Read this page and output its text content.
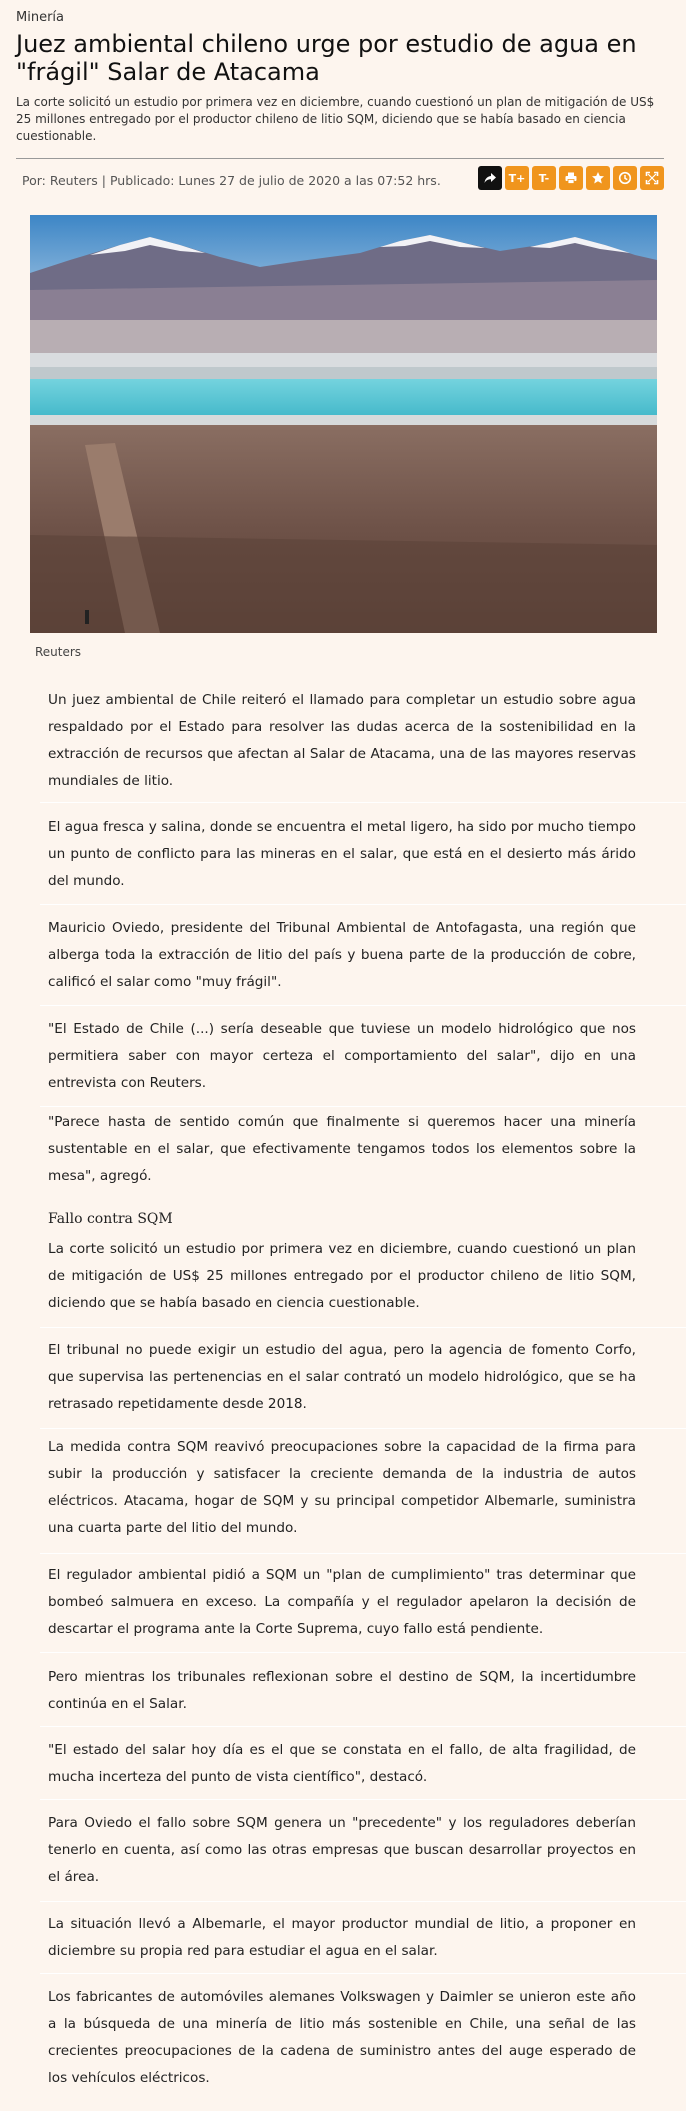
Minería
Juez ambiental chileno urge por estudio de agua en "frágil" Salar de Atacama

La corte solicitó un estudio por primera vez en diciembre, cuando cuestionó un plan de mitigación de US$ 25 millones entregado por el productor chileno de litio SQM, diciendo que se había basado en ciencia cuestionable.

Por: Reuters | Publicado: Lunes 27 de julio de 2020 a las 07:52 hrs.	T+ T-
Reuters

Un juez ambiental de Chile reiteró el llamado para completar un estudio sobre agua respaldado por el Estado para resolver las dudas acerca de la sostenibilidad en la extracción de recursos que afectan al Salar de Atacama, una de las mayores reservas mundiales de litio.

El agua fresca y salina, donde se encuentra el metal ligero, ha sido por mucho tiempo un punto de conflicto para las mineras en el salar, que está en el desierto más árido del mundo.

Mauricio Oviedo, presidente del Tribunal Ambiental de Antofagasta, una región que alberga toda la extracción de litio del país y buena parte de la producción de cobre, calificó el salar como "muy frágil".

"El Estado de Chile (...) sería deseable que tuviese un modelo hidrológico que nos permitiera saber con mayor certeza el comportamiento del salar", dijo en una entrevista con Reuters.

"Parece hasta de sentido común que finalmente si queremos hacer una minería sustentable en el salar, que efectivamente tengamos todos los elementos sobre la mesa", agregó.

Fallo contra SQM

La corte solicitó un estudio por primera vez en diciembre, cuando cuestionó un plan de mitigación de US$ 25 millones entregado por el productor chileno de litio SQM, diciendo que se había basado en ciencia cuestionable.

El tribunal no puede exigir un estudio del agua, pero la agencia de fomento Corfo, que supervisa las pertenencias en el salar contrató un modelo hidrológico, que se ha retrasado repetidamente desde 2018.

La medida contra SQM reavivó preocupaciones sobre la capacidad de la firma para subir la producción y satisfacer la creciente demanda de la industria de autos eléctricos. Atacama, hogar de SQM y su principal competidor Albemarle, suministra una cuarta parte del litio del mundo.

El regulador ambiental pidió a SQM un "plan de cumplimiento" tras determinar que bombeó salmuera en exceso. La compañía y el regulador apelaron la decisión de descartar el programa ante la Corte Suprema, cuyo fallo está pendiente.

Pero mientras los tribunales reflexionan sobre el destino de SQM, la incertidumbre continúa en el Salar.

"El estado del salar hoy día es el que se constata en el fallo, de alta fragilidad, de mucha incerteza del punto de vista científico", destacó.

Para Oviedo el fallo sobre SQM genera un "precedente" y los reguladores deberían tenerlo en cuenta, así como las otras empresas que buscan desarrollar proyectos en el área.

La situación llevó a Albemarle, el mayor productor mundial de litio, a proponer en diciembre su propia red para estudiar el agua en el salar.

Los fabricantes de automóviles alemanes Volkswagen y Daimler se unieron este año a la búsqueda de una minería de litio más sostenible en Chile, una señal de las crecientes preocupaciones de la cadena de suministro antes del auge esperado de los vehículos eléctricos.
